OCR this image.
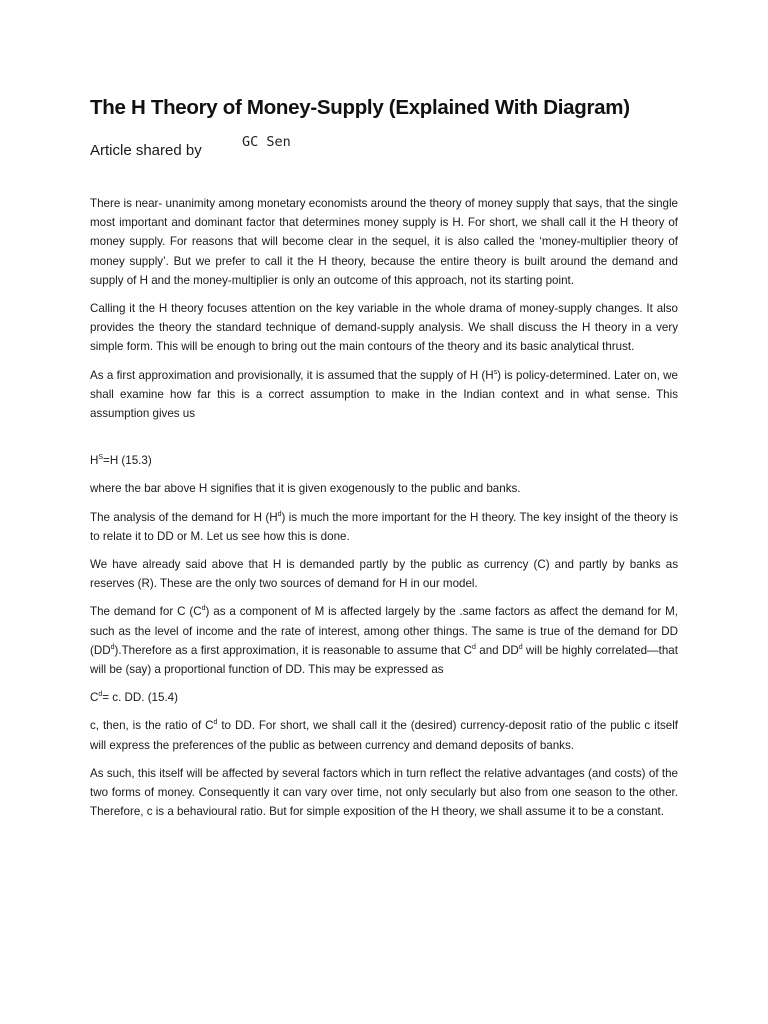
The H Theory of Money-Supply (Explained With Diagram)
Article shared by	GC Sen

There is near- unanimity among monetary economists around the theory of money supply that says, that the single most important and dominant factor that determines money supply is H. For short, we shall call it the H theory of money supply. For reasons that will become clear in the sequel, it is also called the ‘money-multiplier theory of money supply’. But we prefer to call it the H theory, because the entire theory is built around the demand and supply of H and the money-multiplier is only an outcome of this approach, not its starting point.

Calling it the H theory focuses attention on the key variable in the whole drama of money-supply changes. It also provides the theory the standard technique of demand-supply analysis. We shall discuss the H theory in a very simple form. This will be enough to bring out the main contours of the theory and its basic analytical thrust.

As a first approximation and provisionally, it is assumed that the supply of H $(H^s)$ is policy-determined. Later on, we shall examine how far this is a correct assumption to make in the Indian context and in what sense. This assumption gives us

$H^S=H$ (15.3)

where the bar above H signifies that it is given exogenously to the public and banks.

The analysis of the demand for H $(H^d)$ is much the more important for the H theory. The key insight of the theory is to relate it to DD or M. Let us see how this is done.

We have already said above that H is demanded partly by the public as currency (C) and partly by banks as reserves (R). These are the only two sources of demand for H in our model.

The demand for C $(C^d)$ as a component of M is affected largely by the .same factors as affect the demand for M, such as the level of income and the rate of interest, among other things. The same is true of the demand for DD $(DD^d).Therefore$ as a first approximation, it is reasonable to assume that $C^d$ and $DD^d$ will be highly correlated—that will be (say) a proportional function of DD. This may be expressed as

$C^d= c$. DD. (15.4)

c, then, is the ratio of $C^d$ to DD. For short, we shall call it the (desired) currency-deposit ratio of the public c itself will express the preferences of the public as between currency and demand deposits of banks.

As such, this itself will be affected by several factors which in turn reflect the relative advantages (and costs) of the two forms of money. Consequently it can vary over time, not only secularly but also from one season to the other. Therefore, c is a behavioural ratio. But for simple exposition of the H theory, we shall assume it to be a constant.
